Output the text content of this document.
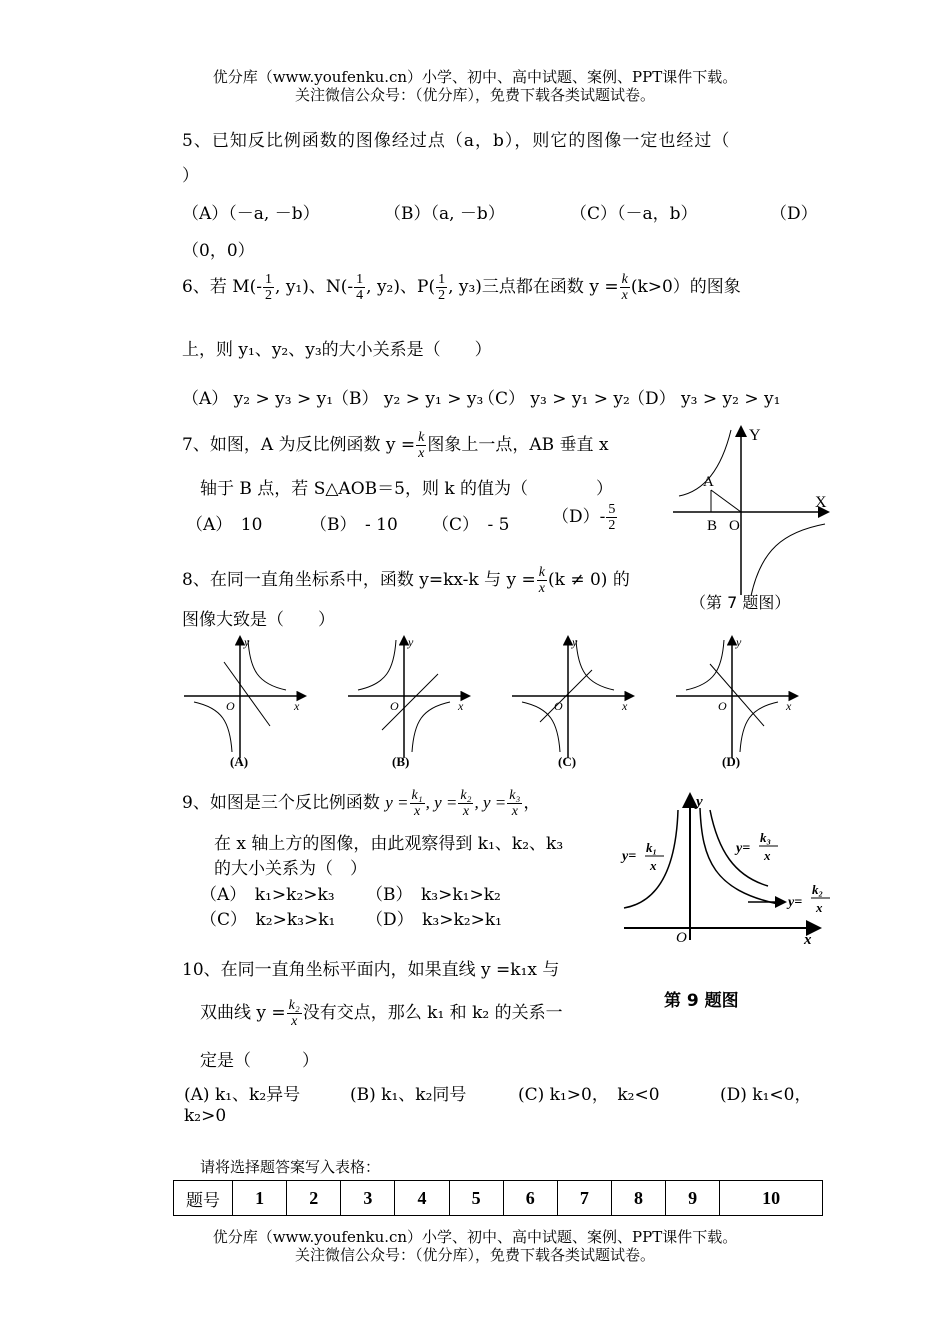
优分库（www.youfenku.cn）小学、初中、高中试题、案例、PPT课件下载。
关注微信公众号：（优分库），免费下载各类试题试卷。
5、已知反比例函数的图像经过点（a，b），则它的图像一定也经过（
）
（A）（－a, －b）	（B）（a, －b）	（C）（－a，b）	（D）
（0，0）
6、若 $M(- \frac{1}{2}$ , y₁)、$N(- \frac{1}{4}$ , y₂)、$P( \frac{1}{2}$ , y₃)三点都在函数 $y = \frac{k}{x} (k>0)$的图象
上，则 y₁、y₂、y₃的大小关系是（　　）
（A） y₂ > y₃ > y₁
（B） y₂ > y₁ > y₃
（C） y₃ > y₁ > y₂
（D） y₃ > y₂ > y₁
7、如图，A 为反比例函数 $y = \frac{k}{x}$ 图象上一点，AB 垂直 x
轴于 B 点，若 S△AOB＝5，则 k 的值为（　　　　）
（A）　10	（B）　- 10 （C）　- 5	$(D)- \frac{5}{2}$
Y
X
A
B O
（第 7 题图）
8、在同一直角坐标系中，函数 y=kx-k 与 $y = \frac{k}{x} (k \ne 0)$ 的
图像大致是（　　）
y
x
O
(A)
y
x
O
(B)
y
x
O
(C)
y
x
O
(D)
9、如图是三个反比例函数 $y = \frac{\text{k₁}}{x}$ , $y = \frac{\text{k₂}}{x}$ , $y = \frac{\text{k₃}}{x}$ ，
在 x 轴上方的图像，由此观察得到 k₁、k₂、k₃
的大小关系为（　）
（A）　k₁>k₂>k₃ （B）　k₃>k₁>k₂
（C）　k₂>k₃>k₁ （D）　k₃>k₂>k₁
y
x
O
y=
k₁
x
y=
k₃
x
y=
k₂
x
第 9 题图
10、在同一直角坐标平面内，如果直线 y =k₁x 与
双曲线 $y = \frac{\text{k₂}}{x}$ 没有交点，那么 k₁ 和 k₂ 的关系一
定是（　　　）
(A) k₁、k₂异号	(B) k₁、k₂同号	(C) k₁>0，　k₂<0	(D) k₁<0，
k₂>0
请将选择题答案写入表格：
题号	1	2	3	4	5	6	7	8	9	10
优分库（www.youfenku.cn）小学、初中、高中试题、案例、PPT课件下载。
关注微信公众号：（优分库），免费下载各类试题试卷。
